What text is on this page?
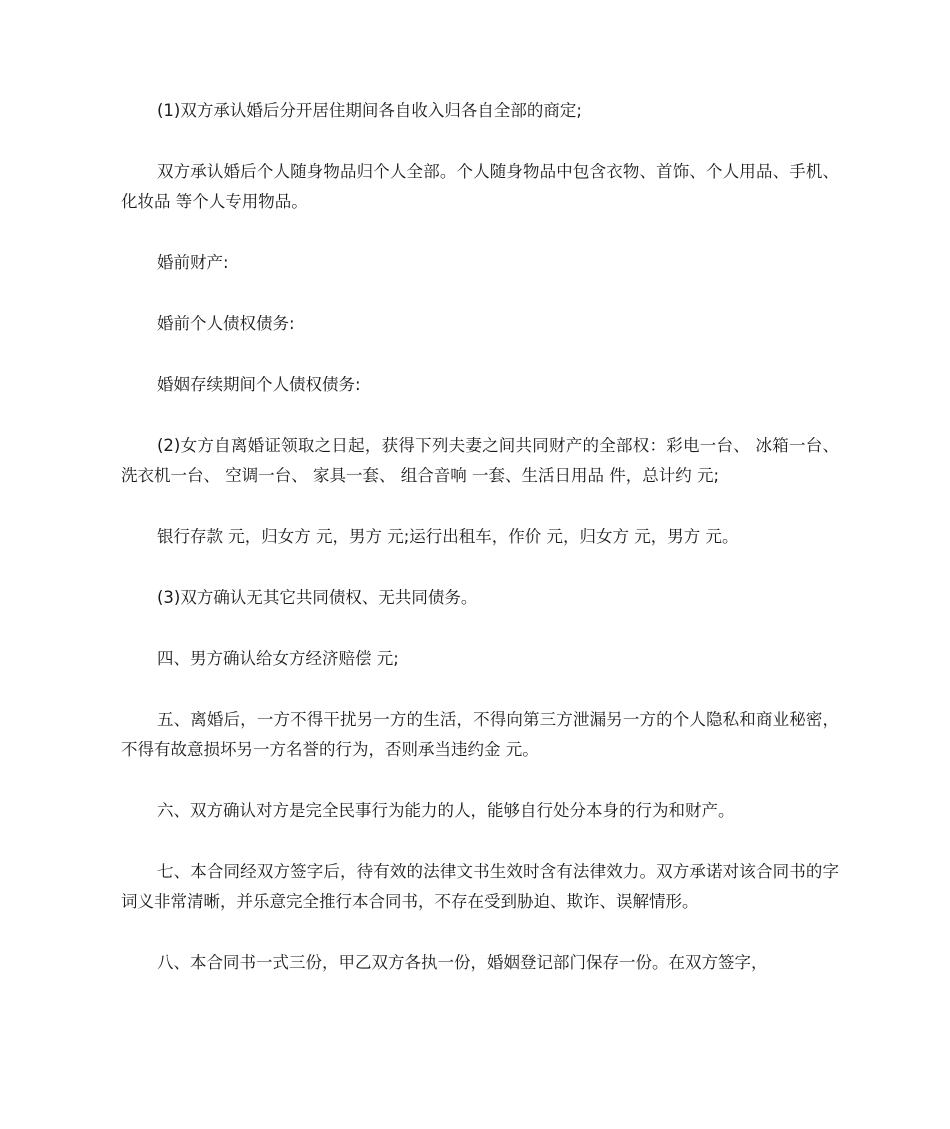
(1)双方承认婚后分开居住期间各自收入归各自全部的商定;

双方承认婚后个人随身物品归个人全部。个人随身物品中包含衣物、首饰、个人用品、手机、化妆品 等个人专用物品。

婚前财产:

婚前个人债权债务:

婚姻存续期间个人债权债务:

(2)女方自离婚证领取之日起，获得下列夫妻之间共同财产的全部权：彩电一台、 冰箱一台、 洗衣机一台、 空调一台、 家具一套、 组合音响 一套、生活日用品 件，总计约 元;

银行存款 元，归女方 元，男方 元;运行出租车，作价 元，归女方 元，男方 元。

(3)双方确认无其它共同债权、无共同债务。

四、男方确认给女方经济赔偿 元;

五、离婚后，一方不得干扰另一方的生活，不得向第三方泄漏另一方的个人隐私和商业秘密，不得有故意损坏另一方名誉的行为，否则承当违约金 元。

六、双方确认对方是完全民事行为能力的人，能够自行处分本身的行为和财产。

七、本合同经双方签字后，待有效的法律文书生效时含有法律效力。双方承诺对该合同书的字词义非常清晰，并乐意完全推行本合同书，不存在受到胁迫、欺诈、误解情形。

八、本合同书一式三份，甲乙双方各执一份，婚姻登记部门保存一份。在双方签字，
